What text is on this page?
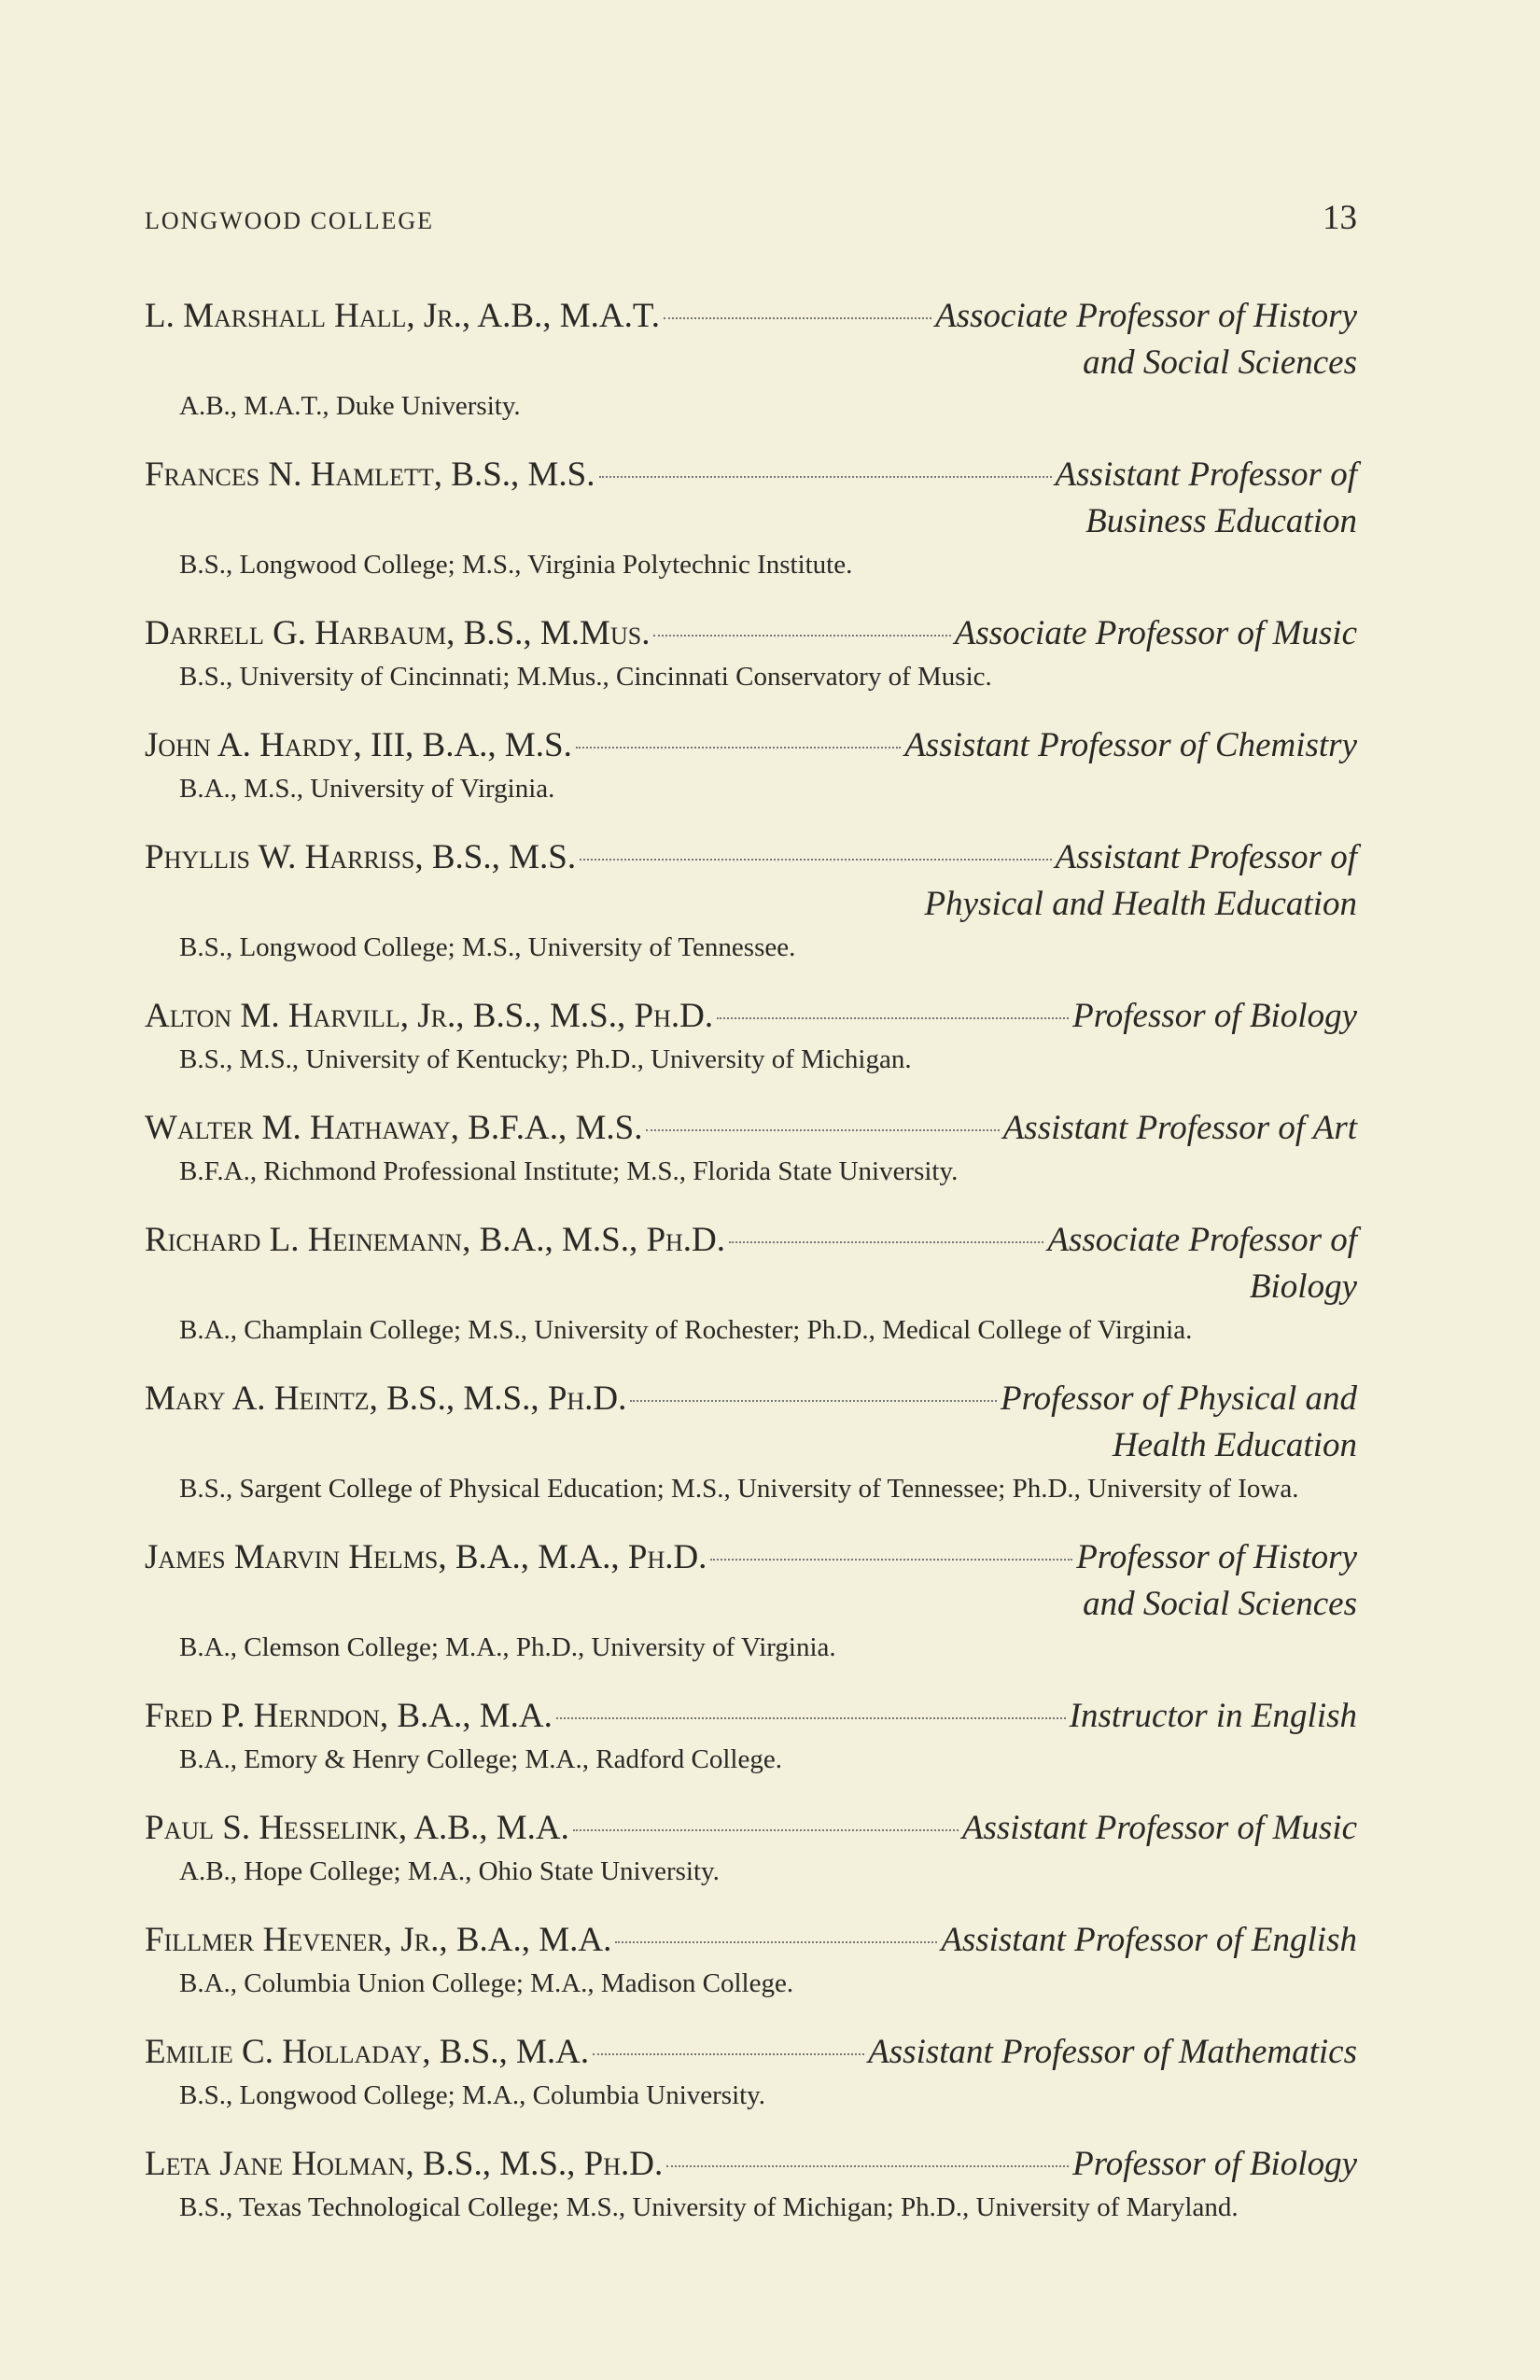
LONGWOOD COLLEGE	13
L. Marshall Hall, Jr., A.B., M.A.T.	Associate Professor of History
and Social Sciences
A.B., M.A.T., Duke University.
Frances N. Hamlett, B.S., M.S.	Assistant Professor of
Business Education
B.S., Longwood College; M.S., Virginia Polytechnic Institute.
Darrell G. Harbaum, B.S., M.Mus.	Associate Professor of Music
B.S., University of Cincinnati; M.Mus., Cincinnati Conservatory of Music.
John A. Hardy, III, B.A., M.S.	Assistant Professor of Chemistry
B.A., M.S., University of Virginia.
Phyllis W. Harriss, B.S., M.S.	Assistant Professor of
Physical and Health Education
B.S., Longwood College; M.S., University of Tennessee.
Alton M. Harvill, Jr., B.S., M.S., Ph.D.	Professor of Biology
B.S., M.S., University of Kentucky; Ph.D., University of Michigan.
Walter M. Hathaway, B.F.A., M.S.	Assistant Professor of Art
B.F.A., Richmond Professional Institute; M.S., Florida State University.
Richard L. Heinemann, B.A., M.S., Ph.D.	Associate Professor of
Biology
B.A., Champlain College; M.S., University of Rochester; Ph.D., Medical College of Virginia.
Mary A. Heintz, B.S., M.S., Ph.D.	Professor of Physical and
Health Education
B.S., Sargent College of Physical Education; M.S., University of Tennessee; Ph.D., University of Iowa.
James Marvin Helms, B.A., M.A., Ph.D.	Professor of History
and Social Sciences
B.A., Clemson College; M.A., Ph.D., University of Virginia.
Fred P. Herndon, B.A., M.A.	Instructor in English
B.A., Emory & Henry College; M.A., Radford College.
Paul S. Hesselink, A.B., M.A.	Assistant Professor of Music
A.B., Hope College; M.A., Ohio State University.
Fillmer Hevener, Jr., B.A., M.A.	Assistant Professor of English
B.A., Columbia Union College; M.A., Madison College.
Emilie C. Holladay, B.S., M.A.	Assistant Professor of Mathematics
B.S., Longwood College; M.A., Columbia University.
Leta Jane Holman, B.S., M.S., Ph.D.	Professor of Biology
B.S., Texas Technological College; M.S., University of Michigan; Ph.D., University of Maryland.
